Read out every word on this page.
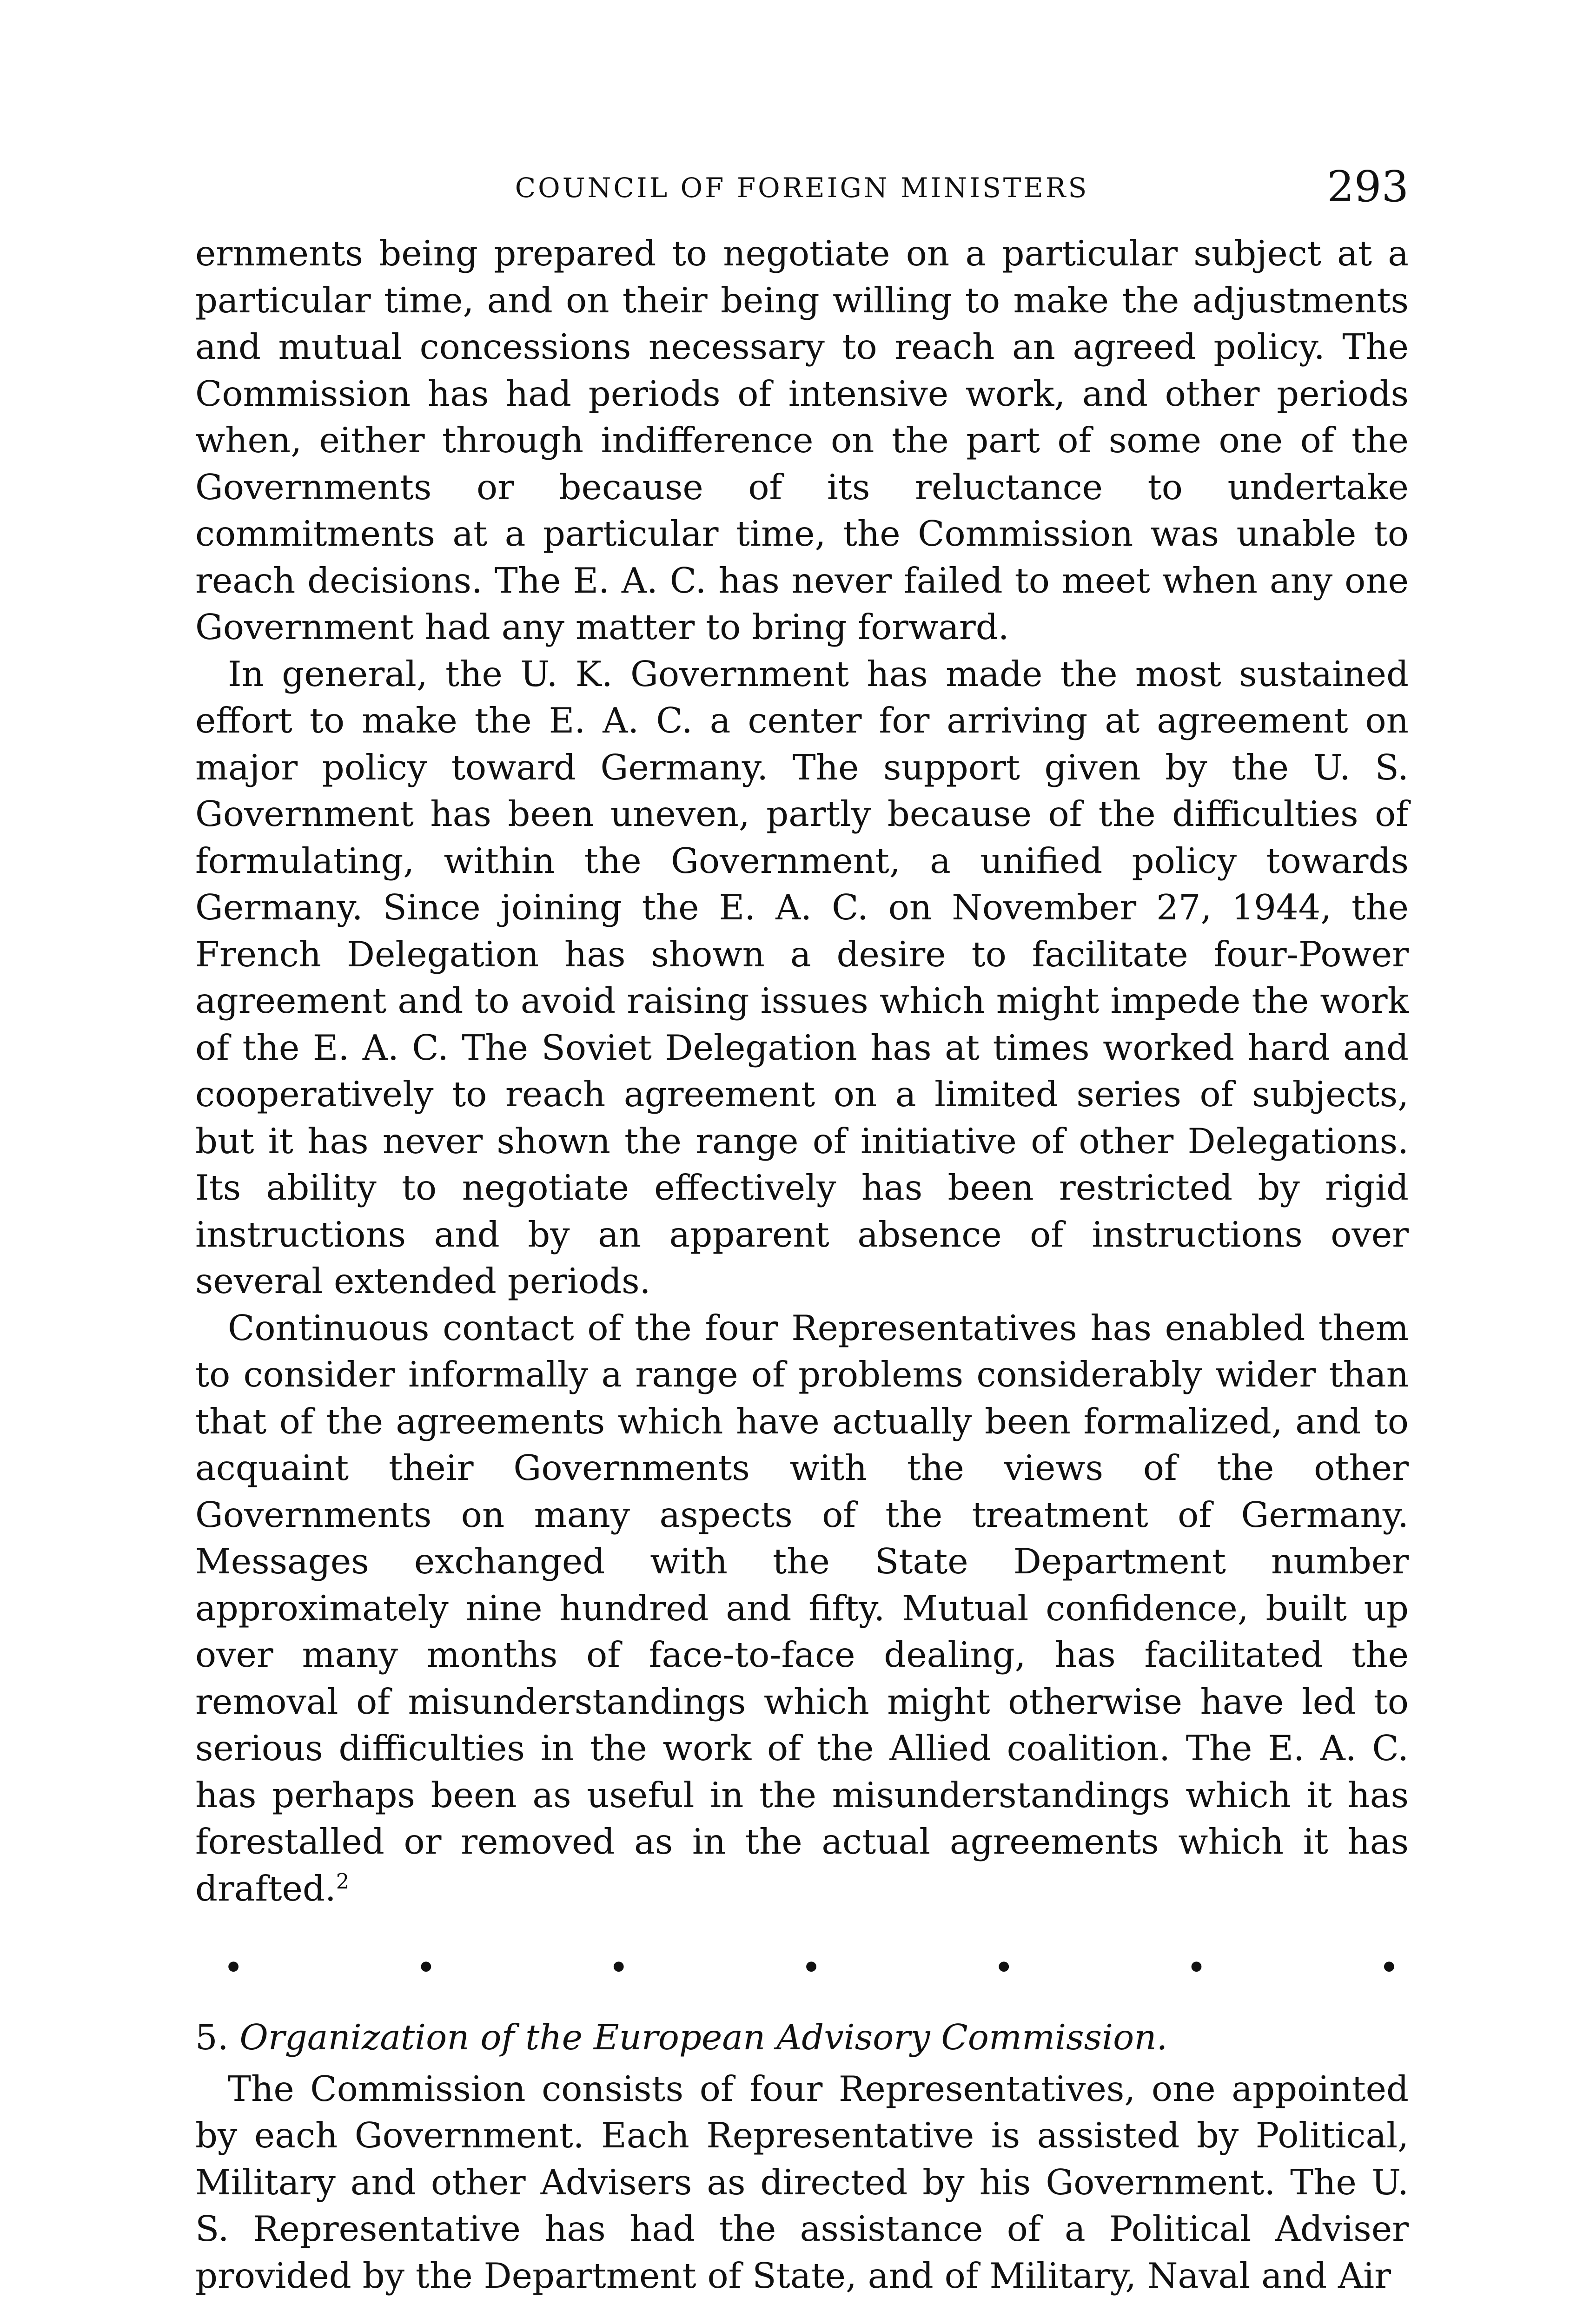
COUNCIL OF FOREIGN MINISTERS	293

ernments being prepared to negotiate on a particular subject at a particular time, and on their being willing to make the adjustments and mutual concessions necessary to reach an agreed policy. The Commission has had periods of intensive work, and other periods when, either through indifference on the part of some one of the Governments or because of its reluctance to undertake commitments at a particular time, the Commission was unable to reach decisions. The E. A. C. has never failed to meet when any one Government had any matter to bring forward.

In general, the U. K. Government has made the most sustained effort to make the E. A. C. a center for arriving at agreement on major policy toward Germany. The support given by the U. S. Government has been uneven, partly because of the difficulties of formulating, within the Government, a unified policy towards Germany. Since joining the E. A. C. on November 27, 1944, the French Delegation has shown a desire to facilitate four-Power agreement and to avoid raising issues which might impede the work of the E. A. C. The Soviet Delegation has at times worked hard and cooperatively to reach agreement on a limited series of subjects, but it has never shown the range of initiative of other Delegations. Its ability to negotiate effectively has been restricted by rigid instructions and by an apparent absence of instructions over several extended periods.

Continuous contact of the four Representatives has enabled them to consider informally a range of problems considerably wider than that of the agreements which have actually been formalized, and to acquaint their Governments with the views of the other Governments on many aspects of the treatment of Germany. Messages exchanged with the State Department number approximately nine hundred and fifty. Mutual confidence, built up over many months of face-to-face dealing, has facilitated the removal of misunderstandings which might otherwise have led to serious difficulties in the work of the Allied coalition. The E. A. C. has perhaps been as useful in the misunderstandings which it has forestalled or removed as in the actual agreements which it has drafted.$^2$

•	•	•	•	•	•	•
5. Organization of the European Advisory Commission.

The Commission consists of four Representatives, one appointed by each Government. Each Representative is assisted by Political, Military and other Advisers as directed by his Government. The U. S. Representative has had the assistance of a Political Adviser provided by the Department of State, and of Military, Naval and Air
